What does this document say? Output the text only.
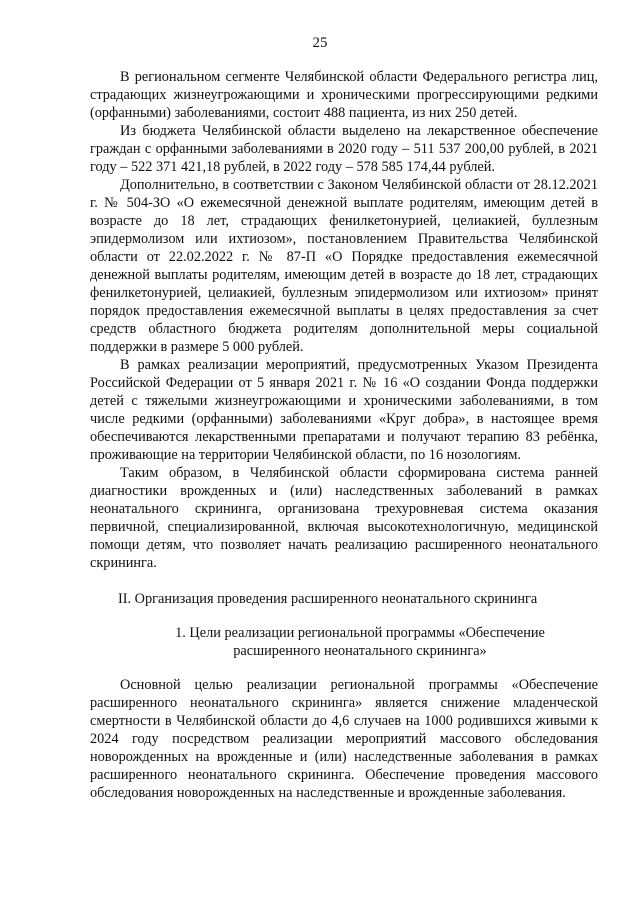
25

В региональном сегменте Челябинской области Федерального регистра лиц, страдающих жизнеугрожающими и хроническими прогрессирующими редкими (орфанными) заболеваниями, состоит 488 пациента, из них 250 детей.

Из бюджета Челябинской области выделено на лекарственное обеспечение граждан с орфанными заболеваниями в 2020 году – 511 537 200,00 рублей, в 2021 году – 522 371 421,18 рублей, в 2022 году – 578 585 174,44 рублей.

Дополнительно, в соответствии с Законом Челябинской области от 28.12.2021 г. № 504-ЗО «О ежемесячной денежной выплате родителям, имеющим детей в возрасте до 18 лет, страдающих фенилкетонурией, целиакией, буллезным эпидермолизом или ихтиозом», постановлением Правительства Челябинской области от 22.02.2022 г. № 87-П «О Порядке предоставления ежемесячной денежной выплаты родителям, имеющим детей в возрасте до 18 лет, страдающих фенилкетонурией, целиакией, буллезным эпидермолизом или ихтиозом» принят порядок предоставления ежемесячной выплаты в целях предоставления за счет средств областного бюджета родителям дополнительной меры социальной поддержки в размере 5 000 рублей.

В рамках реализации мероприятий, предусмотренных Указом Президента Российской Федерации от 5 января 2021 г. № 16 «О создании Фонда поддержки детей с тяжелыми жизнеугрожающими и хроническими заболеваниями, в том числе редкими (орфанными) заболеваниями «Круг добра», в настоящее время обеспечиваются лекарственными препаратами и получают терапию 83 ребёнка, проживающие на территории Челябинской области, по 16 нозологиям.

Таким образом, в Челябинской области сформирована система ранней диагностики врожденных и (или) наследственных заболеваний в рамках неонатального скрининга, организована трехуровневая система оказания первичной, специализированной, включая высокотехнологичную, медицинской помощи детям, что позволяет начать реализацию расширенного неонатального скрининга.

II. Организация проведения расширенного неонатального скрининга

1. Цели реализации региональной программы «Обеспечение
расширенного неонатального скрининга»

Основной целью реализации региональной программы «Обеспечение расширенного неонатального скрининга» является снижение младенческой смертности в Челябинской области до 4,6 случаев на 1000 родившихся живыми к 2024 году посредством реализации мероприятий массового обследования новорожденных на врожденные и (или) наследственные заболевания в рамках расширенного неонатального скрининга. Обеспечение проведения массового обследования новорожденных на наследственные и врожденные заболевания.
